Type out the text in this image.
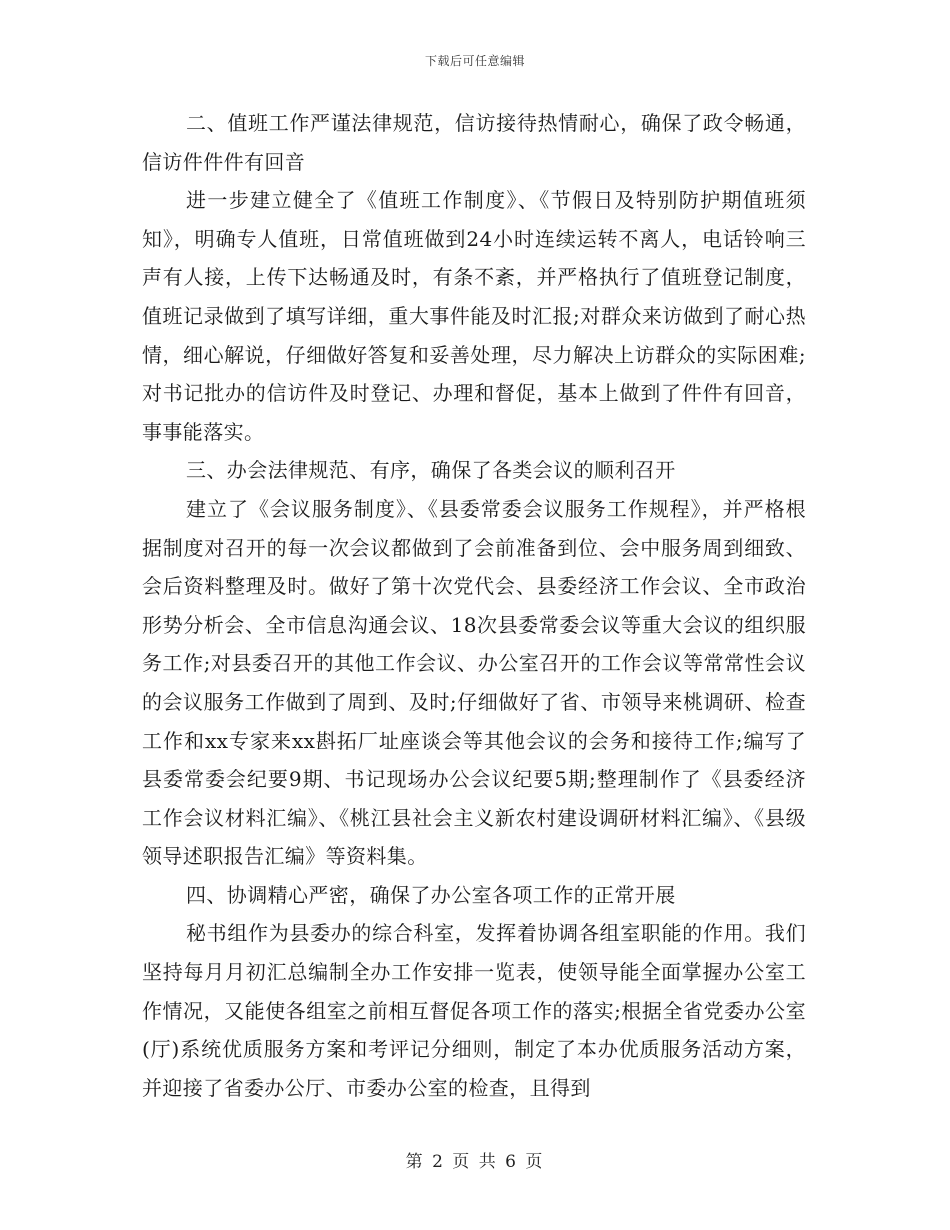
下载后可任意编辑

二、值班工作严谨法律规范，信访接待热情耐心，确保了政令畅通，信访件件件有回音

进一步建立健全了《值班工作制度》、《节假日及特别防护期值班须知》，明确专人值班，日常值班做到24小时连续运转不离人，电话铃响三声有人接，上传下达畅通及时，有条不紊，并严格执行了值班登记制度，值班记录做到了填写详细，重大事件能及时汇报;对群众来访做到了耐心热情，细心解说，仔细做好答复和妥善处理，尽力解决上访群众的实际困难;对书记批办的信访件及时登记、办理和督促，基本上做到了件件有回音，事事能落实。

三、办会法律规范、有序，确保了各类会议的顺利召开

建立了《会议服务制度》、《县委常委会议服务工作规程》，并严格根据制度对召开的每一次会议都做到了会前准备到位、会中服务周到细致、会后资料整理及时。做好了第十次党代会、县委经济工作会议、全市政治形势分析会、全市信息沟通会议、18次县委常委会议等重大会议的组织服务工作;对县委召开的其他工作会议、办公室召开的工作会议等常常性会议的会议服务工作做到了周到、及时;仔细做好了省、市领导来桃调研、检查工作和xx专家来xx斟拓厂址座谈会等其他会议的会务和接待工作;编写了县委常委会纪要9期、书记现场办公会议纪要5期;整理制作了《县委经济工作会议材料汇编》、《桃江县社会主义新农村建设调研材料汇编》、《县级领导述职报告汇编》等资料集。

四、协调精心严密，确保了办公室各项工作的正常开展

秘书组作为县委办的综合科室，发挥着协调各组室职能的作用。我们坚持每月月初汇总编制全办工作安排一览表，使领导能全面掌握办公室工作情况，又能使各组室之前相互督促各项工作的落实;根据全省党委办公室(厅)系统优质服务方案和考评记分细则，制定了本办优质服务活动方案，并迎接了省委办公厅、市委办公室的检查，且得到

第 2 页 共 6 页
